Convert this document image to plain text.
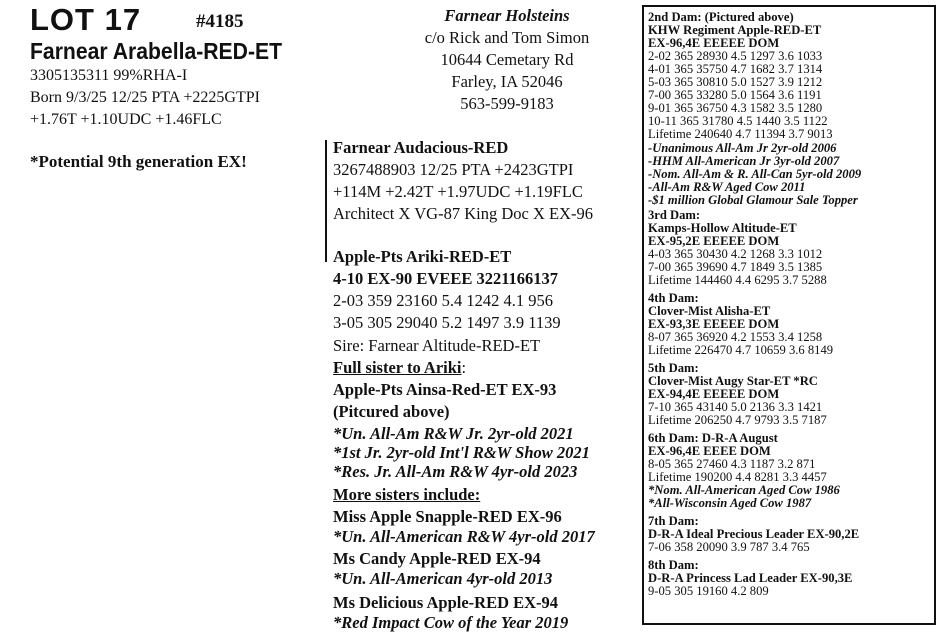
LOT 17	#4185
Farnear Arabella-RED-ET
3305135311 99%RHA-I
Born 9/3/25 12/25 PTA +2225GTPI
+1.76T +1.10UDC +1.46FLC
*Potential 9th generation EX!
Farnear Holsteins
c/o Rick and Tom Simon
10644 Cemetary Rd
Farley, IA 52046
563-599-9183
Farnear Audacious-RED
3267488903 12/25 PTA +2423GTPI
+114M +2.42T +1.97UDC +1.19FLC
Architect X VG-87 King Doc X EX-96
Apple-Pts Ariki-RED-ET
4-10 EX-90 EVEEE 3221166137
2-03 359 23160 5.4 1242 4.1 956
3-05 305 29040 5.2 1497 3.9 1139
Sire: Farnear Altitude-RED-ET
Full sister to Ariki:
Apple-Pts Ainsa-Red-ET EX-93
(Pitcured above)
*Un. All-Am R&W Jr. 2yr-old 2021
*1st Jr. 2yr-old Int'l R&W Show 2021
*Res. Jr. All-Am R&W 4yr-old 2023
More sisters include:
Miss Apple Snapple-RED EX-96
*Un. All-American R&W 4yr-old 2017
Ms Candy Apple-RED EX-94
*Un. All-American 4yr-old 2013
Ms Delicious Apple-RED EX-94
*Red Impact Cow of the Year 2019
2nd Dam: (Pictured above)
KHW Regiment Apple-RED-ET
EX-96,4E EEEEE DOM
2-02 365 28930 4.5 1297 3.6 1033
4-01 365 35750 4.7 1682 3.7 1314
5-03 365 30810 5.0 1527 3.9 1212
7-00 365 33280 5.0 1564 3.6 1191
9-01 365 36750 4.3 1582 3.5 1280
10-11 365 31780 4.5 1440 3.5 1122
Lifetime 240640 4.7 11394 3.7 9013
-Unanimous All-Am Jr 2yr-old 2006
-HHM All-American Jr 3yr-old 2007
-Nom. All-Am & R. All-Can 5yr-old 2009
-All-Am R&W Aged Cow 2011
-$1 million Global Glamour Sale Topper
3rd Dam:
Kamps-Hollow Altitude-ET
EX-95,2E EEEEE DOM
4-03 365 30430 4.2 1268 3.3 1012
7-00 365 39690 4.7 1849 3.5 1385
Lifetime 144460 4.4 6295 3.7 5288
4th Dam:
Clover-Mist Alisha-ET
EX-93,3E EEEEE DOM
8-07 365 36920 4.2 1553 3.4 1258
Lifetime 226470 4.7 10659 3.6 8149
5th Dam:
Clover-Mist Augy Star-ET *RC
EX-94,4E EEEEE DOM
7-10 365 43140 5.0 2136 3.3 1421
Lifetime 206250 4.7 9793 3.5 7187
6th Dam: D-R-A August
EX-96,4E EEEE DOM
8-05 365 27460 4.3 1187 3.2 871
Lifetime 190200 4.4 8281 3.3 4457
*Nom. All-American Aged Cow 1986
*All-Wisconsin Aged Cow 1987
7th Dam:
D-R-A Ideal Precious Leader EX-90,2E
7-06 358 20090 3.9 787 3.4 765
8th Dam:
D-R-A Princess Lad Leader EX-90,3E
9-05 305 19160 4.2 809
